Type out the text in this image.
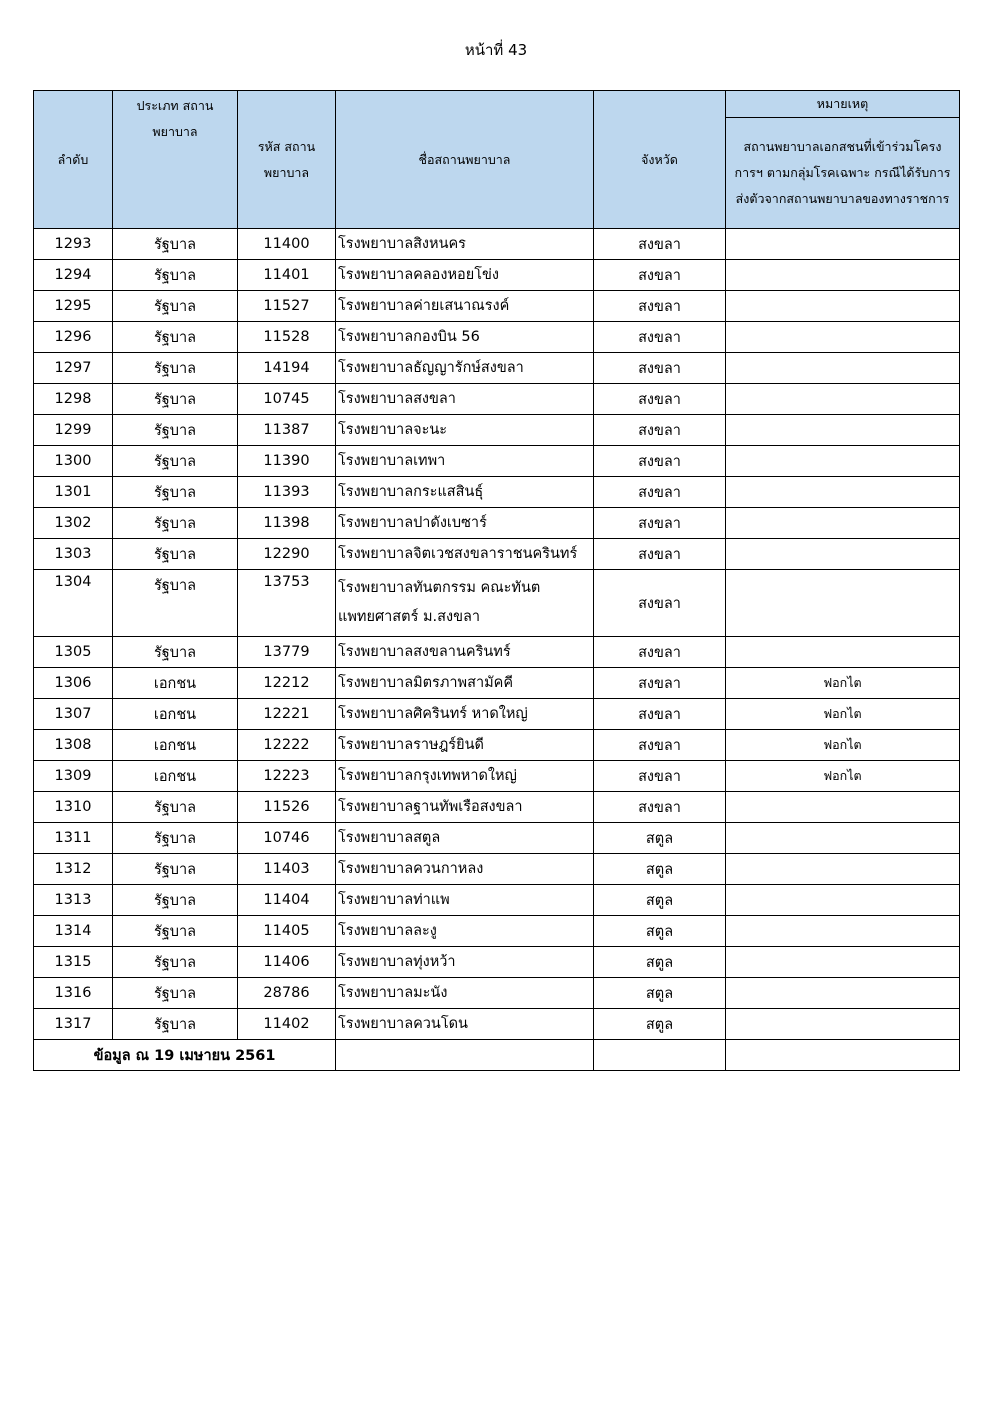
หน้าที่ 43
ลำดับ	ประเภท สถานพยาบาล	รหัส สถานพยาบาล	ชื่อสถานพยาบาล	จังหวัด	หมายเหตุ

					สถานพยาบาลเอกสชนที่เข้าร่วมโครงการฯ ตามกลุ่มโรคเฉพาะ กรณีได้รับการส่งตัวจากสถานพยาบาลของทางราชการ

1293	รัฐบาล	11400	โรงพยาบาลสิงหนคร	สงขลา	
1294	รัฐบาล	11401	โรงพยาบาลคลองหอยโข่ง	สงขลา	
1295	รัฐบาล	11527	โรงพยาบาลค่ายเสนาณรงค์	สงขลา	
1296	รัฐบาล	11528	โรงพยาบาลกองบิน 56	สงขลา	
1297	รัฐบาล	14194	โรงพยาบาลธัญญารักษ์สงขลา	สงขลา	
1298	รัฐบาล	10745	โรงพยาบาลสงขลา	สงขลา	
1299	รัฐบาล	11387	โรงพยาบาลจะนะ	สงขลา	
1300	รัฐบาล	11390	โรงพยาบาลเทพา	สงขลา	
1301	รัฐบาล	11393	โรงพยาบาลกระแสสินธุ์	สงขลา	
1302	รัฐบาล	11398	โรงพยาบาลปาดังเบซาร์	สงขลา	
1303	รัฐบาล	12290	โรงพยาบาลจิตเวชสงขลาราชนครินทร์	สงขลา	
1304	รัฐบาล	13753	โรงพยาบาลทันตกรรม คณะทันตแพทยศาสตร์ ม.สงขลา	สงขลา	
1305	รัฐบาล	13779	โรงพยาบาลสงขลานครินทร์	สงขลา	
1306	เอกชน	12212	โรงพยาบาลมิตรภาพสามัคคี	สงขลา	ฟอกไต
1307	เอกชน	12221	โรงพยาบาลศิครินทร์ หาดใหญ่	สงขลา	ฟอกไต
1308	เอกชน	12222	โรงพยาบาลราษฎร์ยินดี	สงขลา	ฟอกไต
1309	เอกชน	12223	โรงพยาบาลกรุงเทพหาดใหญ่	สงขลา	ฟอกไต
1310	รัฐบาล	11526	โรงพยาบาลฐานทัพเรือสงขลา	สงขลา	
1311	รัฐบาล	10746	โรงพยาบาลสตูล	สตูล	
1312	รัฐบาล	11403	โรงพยาบาลควนกาหลง	สตูล	
1313	รัฐบาล	11404	โรงพยาบาลท่าแพ	สตูล	
1314	รัฐบาล	11405	โรงพยาบาลละงู	สตูล	
1315	รัฐบาล	11406	โรงพยาบาลทุ่งหว้า	สตูล	
1316	รัฐบาล	28786	โรงพยาบาลมะนัง	สตูล	
1317	รัฐบาล	11402	โรงพยาบาลควนโดน	สตูล	
ข้อมูล ณ 19 เมษายน 2561					
